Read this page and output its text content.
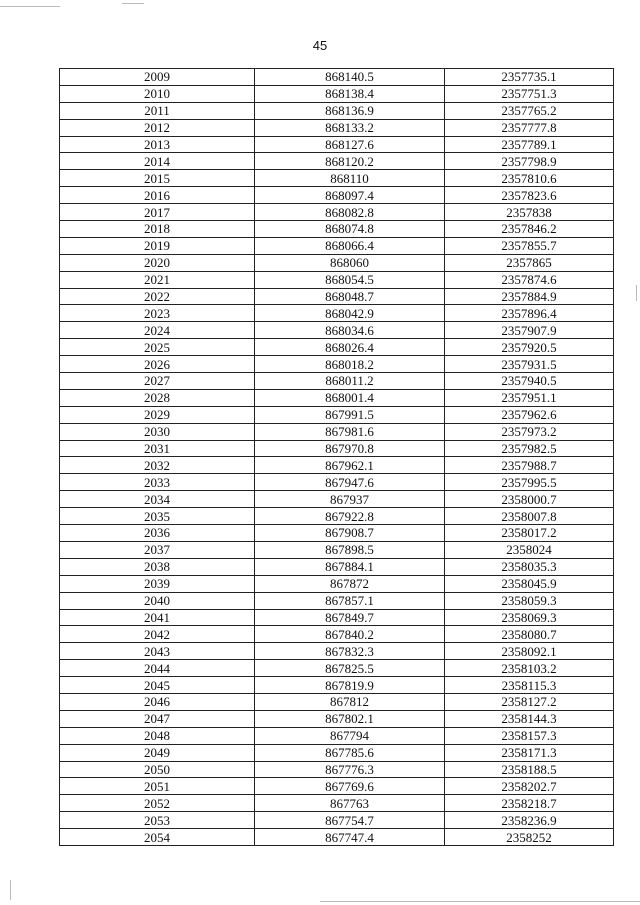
45
2009	868140.5	2357735.1
2010	868138.4	2357751.3
2011	868136.9	2357765.2
2012	868133.2	2357777.8
2013	868127.6	2357789.1
2014	868120.2	2357798.9
2015	868110	2357810.6
2016	868097.4	2357823.6
2017	868082.8	2357838
2018	868074.8	2357846.2
2019	868066.4	2357855.7
2020	868060	2357865
2021	868054.5	2357874.6
2022	868048.7	2357884.9
2023	868042.9	2357896.4
2024	868034.6	2357907.9
2025	868026.4	2357920.5
2026	868018.2	2357931.5
2027	868011.2	2357940.5
2028	868001.4	2357951.1
2029	867991.5	2357962.6
2030	867981.6	2357973.2
2031	867970.8	2357982.5
2032	867962.1	2357988.7
2033	867947.6	2357995.5
2034	867937	2358000.7
2035	867922.8	2358007.8
2036	867908.7	2358017.2
2037	867898.5	2358024
2038	867884.1	2358035.3
2039	867872	2358045.9
2040	867857.1	2358059.3
2041	867849.7	2358069.3
2042	867840.2	2358080.7
2043	867832.3	2358092.1
2044	867825.5	2358103.2
2045	867819.9	2358115.3
2046	867812	2358127.2
2047	867802.1	2358144.3
2048	867794	2358157.3
2049	867785.6	2358171.3
2050	867776.3	2358188.5
2051	867769.6	2358202.7
2052	867763	2358218.7
2053	867754.7	2358236.9
2054	867747.4	2358252
